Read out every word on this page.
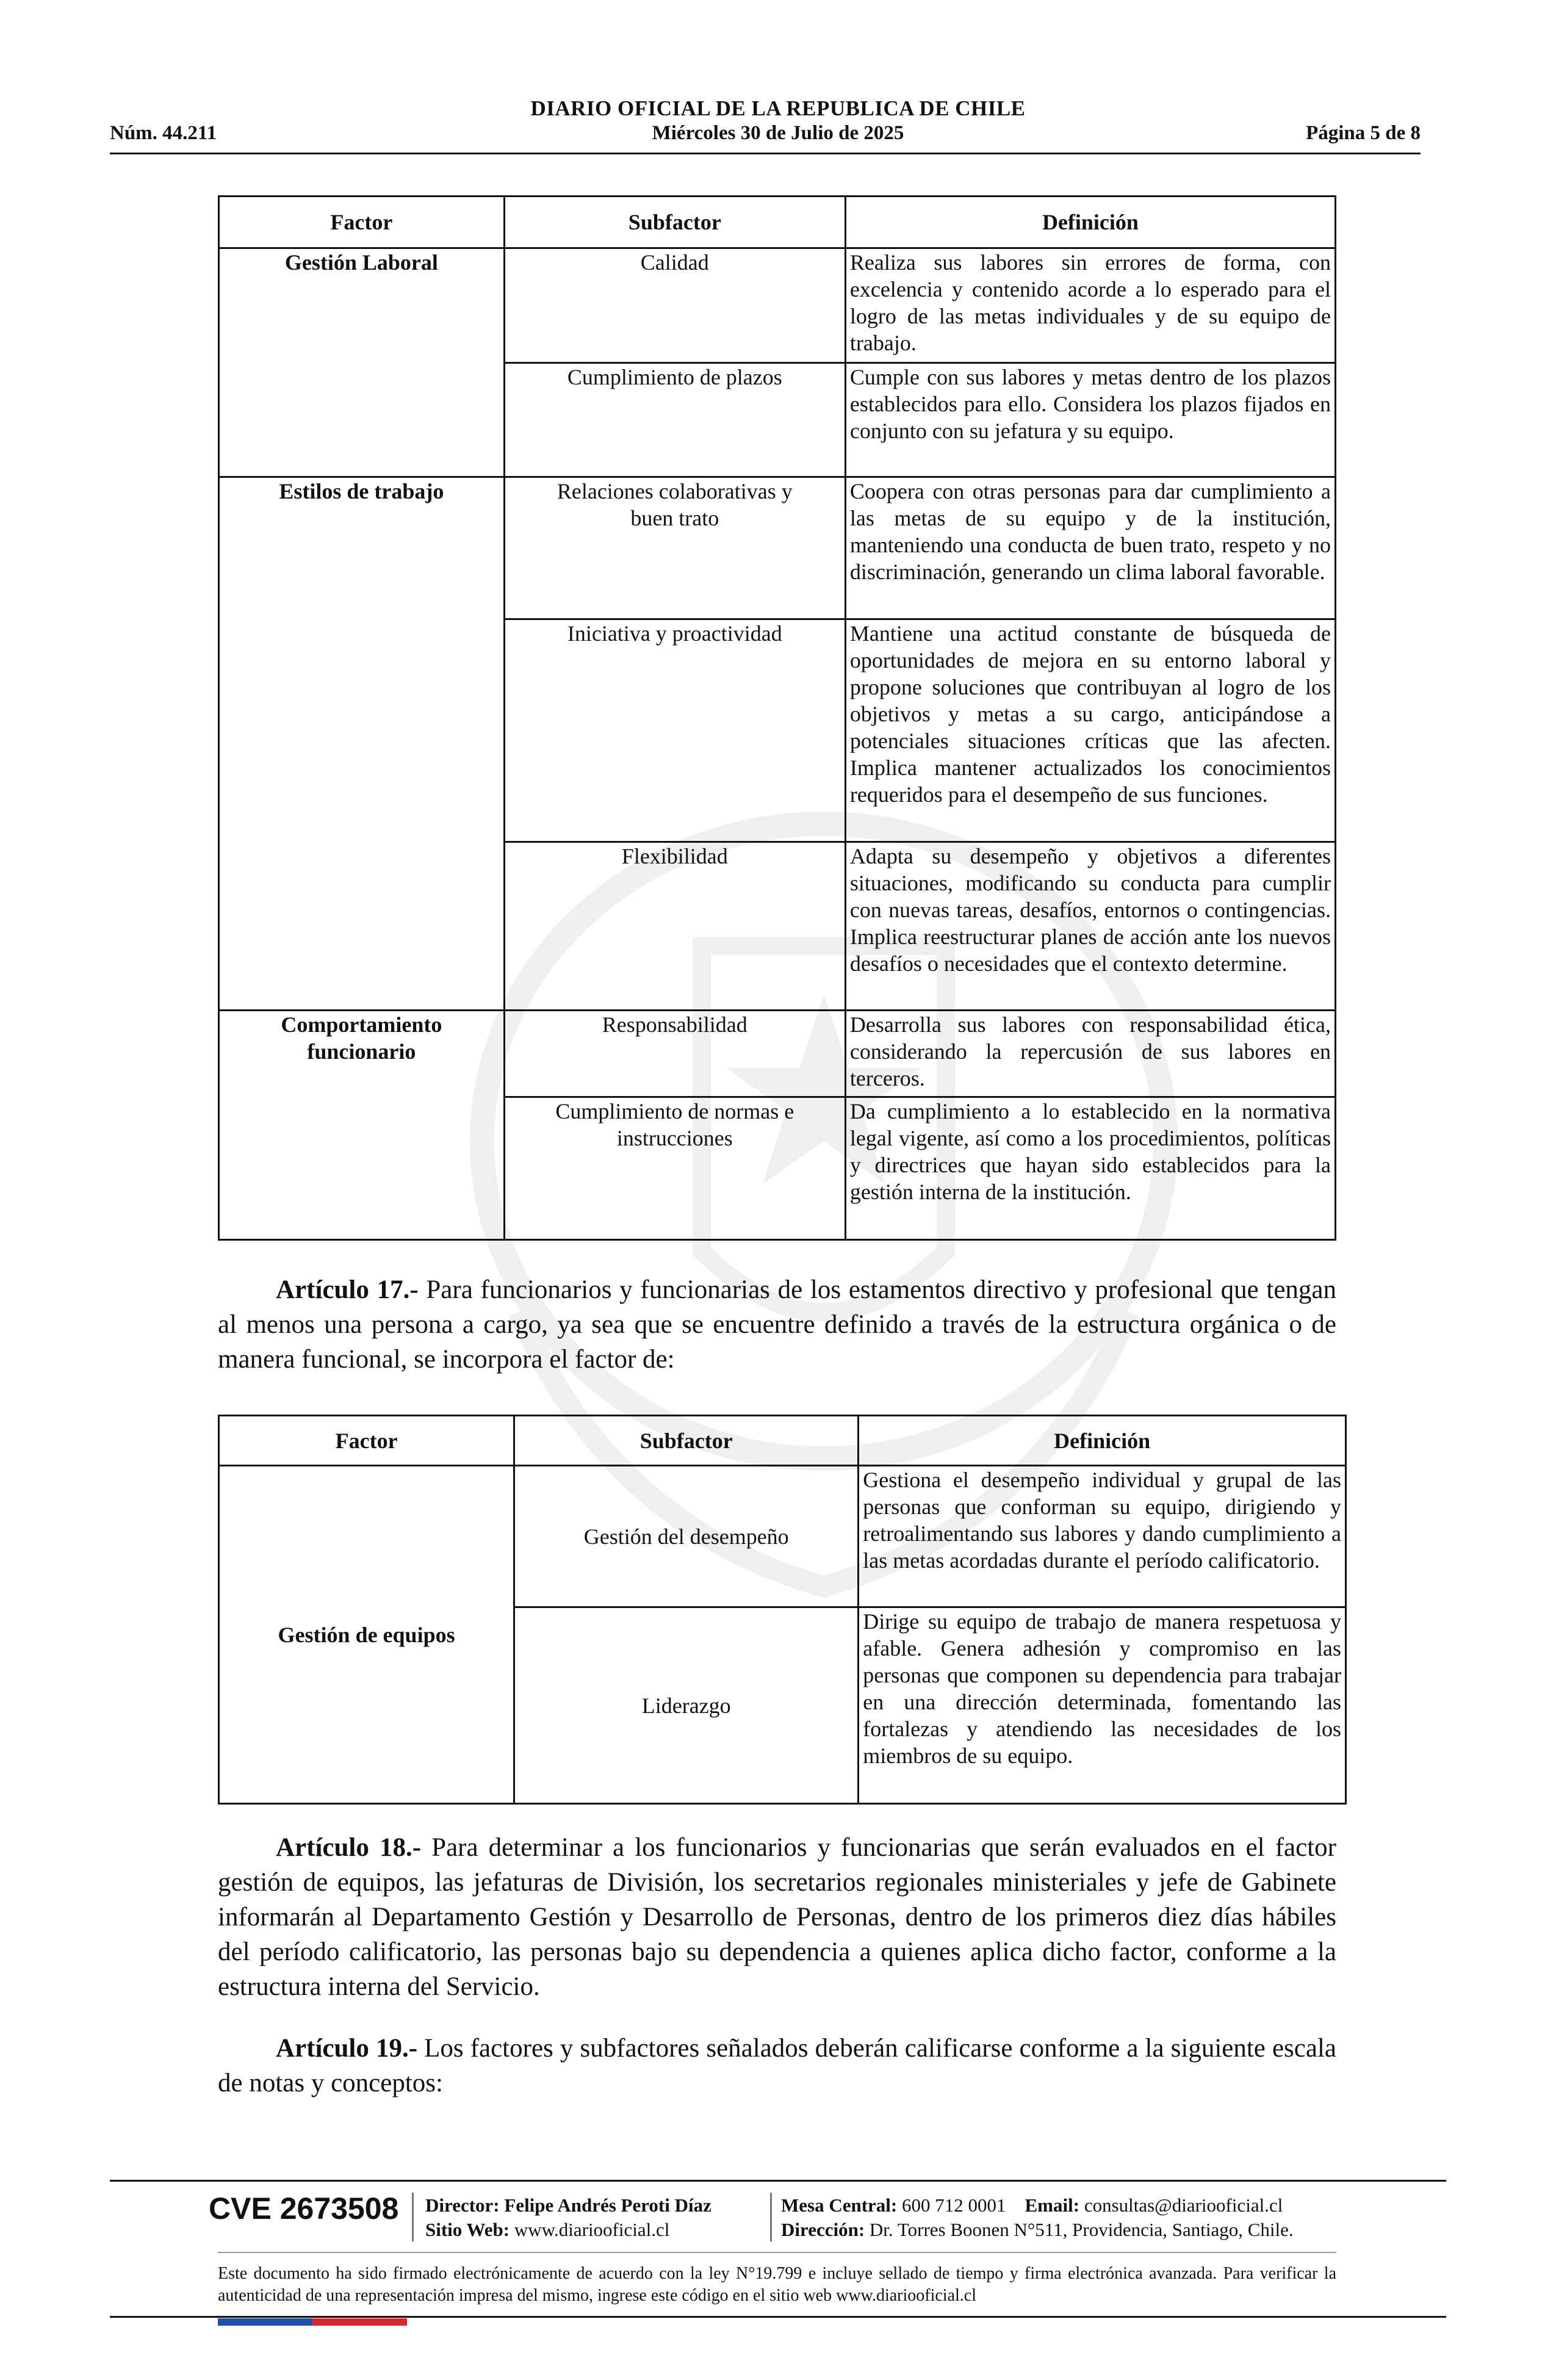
DIARIO OFICIAL DE LA REPUBLICA DE CHILE
Núm. 44.211	Miércoles 30 de Julio de 2025	Página 5 de 8
Factor	Subfactor	Definición
Gestión Laboral	Calidad	Realiza sus labores sin errores de forma, con excelencia y contenido acorde a lo esperado para el logro de las metas individuales y de su equipo de trabajo.
	Cumplimiento de plazos	Cumple con sus labores y metas dentro de los plazos establecidos para ello. Considera los plazos fijados en conjunto con su jefatura y su equipo.
Estilos de trabajo	Relaciones colaborativas y buen trato	Coopera con otras personas para dar cumplimiento a las metas de su equipo y de la institución, manteniendo una conducta de buen trato, respeto y no discriminación, generando un clima laboral favorable.
	Iniciativa y proactividad	Mantiene una actitud constante de búsqueda de oportunidades de mejora en su entorno laboral y propone soluciones que contribuyan al logro de los objetivos y metas a su cargo, anticipándose a potenciales situaciones críticas que las afecten. Implica mantener actualizados los conocimientos requeridos para el desempeño de sus funciones.
	Flexibilidad	Adapta su desempeño y objetivos a diferentes situaciones, modificando su conducta para cumplir con nuevas tareas, desafíos, entornos o contingencias. Implica reestructurar planes de acción ante los nuevos desafíos o necesidades que el contexto determine.
Comportamiento funcionario	Responsabilidad	Desarrolla sus labores con responsabilidad ética, considerando la repercusión de sus labores en terceros.
	Cumplimiento de normas e instrucciones	Da cumplimiento a lo establecido en la normativa legal vigente, así como a los procedimientos, políticas y directrices que hayan sido establecidos para la gestión interna de la institución.
Artículo 17.- Para funcionarios y funcionarias de los estamentos directivo y profesional que tengan al menos una persona a cargo, ya sea que se encuentre definido a través de la estructura orgánica o de manera funcional, se incorpora el factor de:
Factor	Subfactor	Definición
Gestión de equipos	Gestión del desempeño	Gestiona el desempeño individual y grupal de las personas que conforman su equipo, dirigiendo y retroalimentando sus labores y dando cumplimiento a las metas acordadas durante el período calificatorio.
	Liderazgo	Dirige su equipo de trabajo de manera respetuosa y afable. Genera adhesión y compromiso en las personas que componen su dependencia para trabajar en una dirección determinada, fomentando las fortalezas y atendiendo las necesidades de los miembros de su equipo.
Artículo 18.- Para determinar a los funcionarios y funcionarias que serán evaluados en el factor gestión de equipos, las jefaturas de División, los secretarios regionales ministeriales y jefe de Gabinete informarán al Departamento Gestión y Desarrollo de Personas, dentro de los primeros diez días hábiles del período calificatorio, las personas bajo su dependencia a quienes aplica dicho factor, conforme a la estructura interna del Servicio.
Artículo 19.- Los factores y subfactores señalados deberán calificarse conforme a la siguiente escala de notas y conceptos:
CVE 2673508 Director: Felipe Andrés Peroti Díaz
Sitio Web: www.diariooficial.cl
Mesa Central: 600 712 0001 Email: consultas@diariooficial.cl
Dirección: Dr. Torres Boonen N°511, Providencia, Santiago, Chile.
Este documento ha sido firmado electrónicamente de acuerdo con la ley N°19.799 e incluye sellado de tiempo y firma electrónica avanzada. Para verificar la autenticidad de una representación impresa del mismo, ingrese este código en el sitio web www.diariooficial.cl
